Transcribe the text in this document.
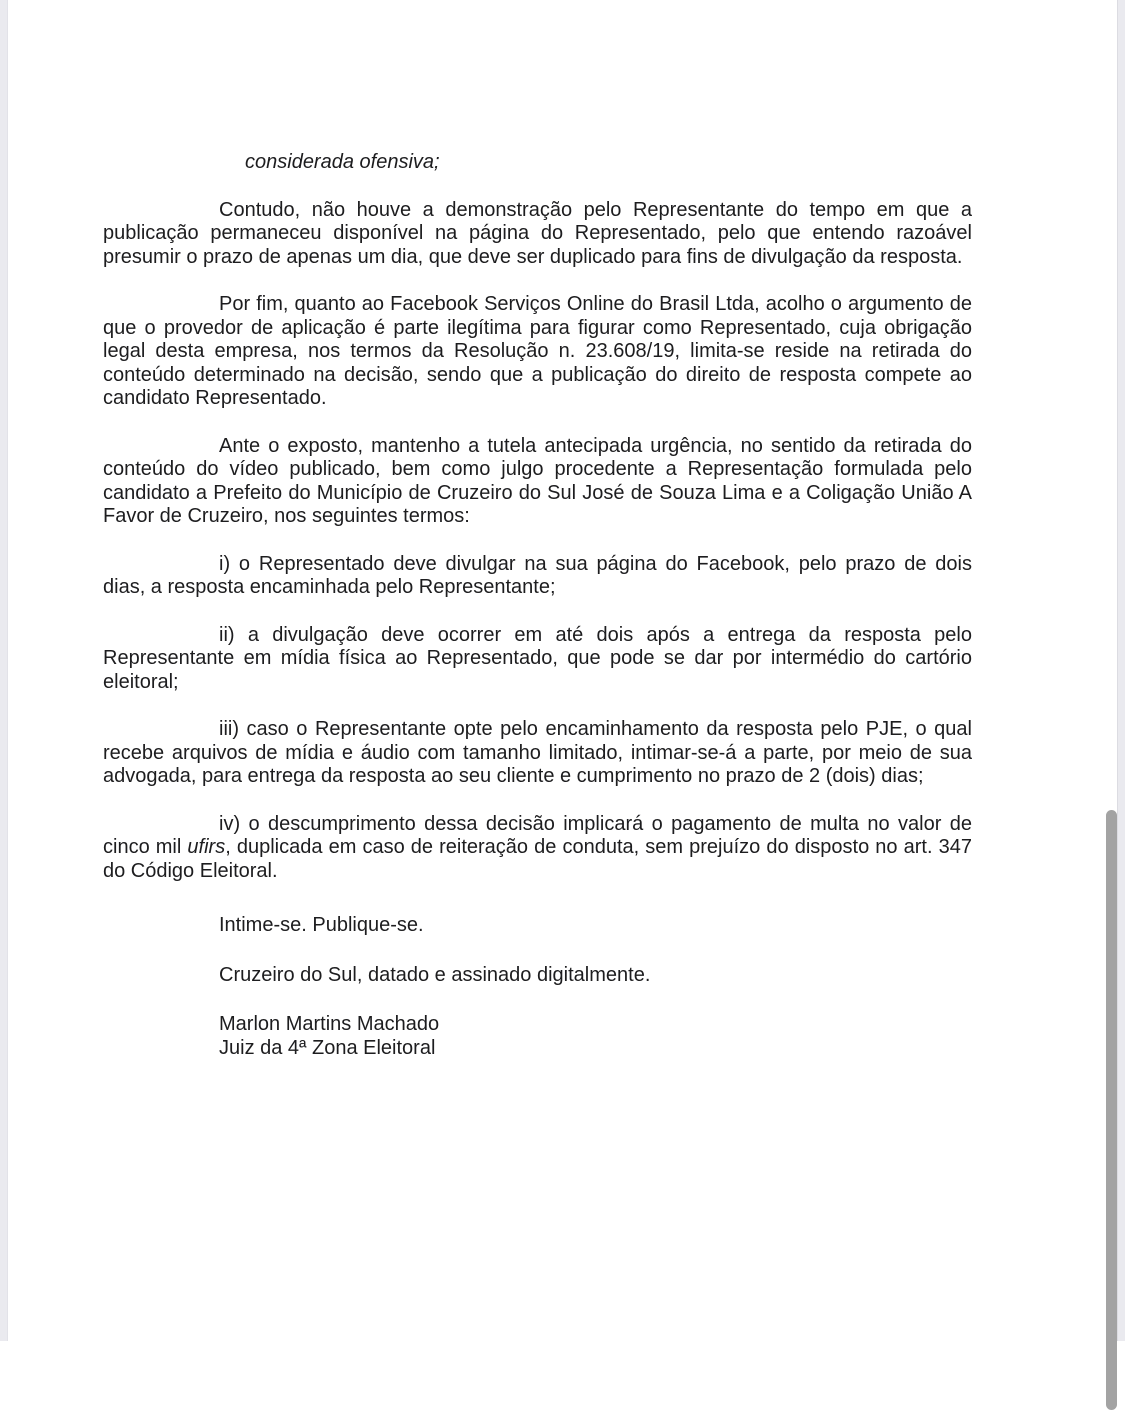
considerada ofensiva;

Contudo, não houve a demonstração pelo Representante do tempo em que a publicação permaneceu disponível na página do Representado, pelo que entendo razoável presumir o prazo de apenas um dia, que deve ser duplicado para fins de divulgação da resposta.

Por fim, quanto ao Facebook Serviços Online do Brasil Ltda, acolho o argumento de que o provedor de aplicação é parte ilegítima para figurar como Representado, cuja obrigação legal desta empresa, nos termos da Resolução n. 23.608/19, limita-se reside na retirada do conteúdo determinado na decisão, sendo que a publicação do direito de resposta compete ao candidato Representado.

Ante o exposto, mantenho a tutela antecipada urgência, no sentido da retirada do conteúdo do vídeo publicado, bem como julgo procedente a Representação formulada pelo candidato a Prefeito do Município de Cruzeiro do Sul José de Souza Lima e a Coligação União A Favor de Cruzeiro, nos seguintes termos:

i) o Representado deve divulgar na sua página do Facebook, pelo prazo de dois dias, a resposta encaminhada pelo Representante;

ii) a divulgação deve ocorrer em até dois após a entrega da resposta pelo Representante em mídia física ao Representado, que pode se dar por intermédio do cartório eleitoral;

iii) caso o Representante opte pelo encaminhamento da resposta pelo PJE, o qual recebe arquivos de mídia e áudio com tamanho limitado, intimar-se-á a parte, por meio de sua advogada, para entrega da resposta ao seu cliente e cumprimento no prazo de 2 (dois) dias;

iv) o descumprimento dessa decisão implicará o pagamento de multa no valor de cinco mil ufirs, duplicada em caso de reiteração de conduta, sem prejuízo do disposto no art. 347 do Código Eleitoral.

Intime-se. Publique-se.

Cruzeiro do Sul, datado e assinado digitalmente.

Marlon Martins Machado
Juiz da 4ª Zona Eleitoral
